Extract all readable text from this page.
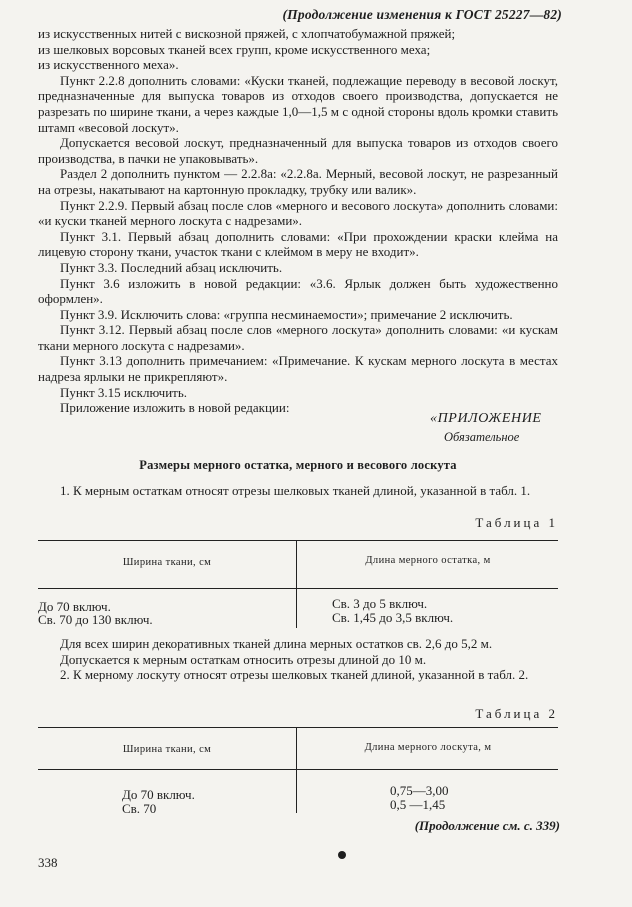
(Продолжение изменения к ГОСТ 25227—82)

из искусственных нитей с вискозной пряжей, с хлопчатобумажной пряжей;

из шелковых ворсовых тканей всех групп, кроме искусственного меха;

из искусственного меха».

Пункт 2.2.8 дополнить словами: «Куски тканей, подлежащие переводу в весовой лоскут, предназначенные для выпуска товаров из отходов своего производства, допускается не разрезать по ширине ткани, а через каждые 1,0—1,5 м с одной стороны вдоль кромки ставить штамп «весовой лоскут».

Допускается весовой лоскут, предназначенный для выпуска товаров из отходов своего производства, в пачки не упаковывать».

Раздел 2 дополнить пунктом — 2.2.8а: «2.2.8а. Мерный, весовой лоскут, не разрезанный на отрезы, накатывают на картонную прокладку, трубку или валик».

Пункт 2.2.9. Первый абзац после слов «мерного и весового лоскута» дополнить словами: «и куски тканей мерного лоскута с надрезами».

Пункт 3.1. Первый абзац дополнить словами: «При прохождении краски клейма на лицевую сторону ткани, участок ткани с клеймом в меру не входит».

Пункт 3.3. Последний абзац исключить.

Пункт 3.6 изложить в новой редакции: «3.6. Ярлык должен быть художественно оформлен».

Пункт 3.9. Исключить слова: «группа несминаемости»; примечание 2 исключить.

Пункт 3.12. Первый абзац после слов «мерного лоскута» дополнить словами: «и кускам ткани мерного лоскута с надрезами».

Пункт 3.13 дополнить примечанием: «Примечание. К кускам мерного лоскута в местах надреза ярлыки не прикрепляют».

Пункт 3.15 исключить.

Приложение изложить в новой редакции:

«ПРИЛОЖЕНИЕ
Обязательное
Размеры мерного остатка, мерного и весового лоскута
1. К мерным остаткам относят отрезы шелковых тканей длиной, указанной в табл. 1.
Таблица 1
Ширина ткани, см	Длина мерного остатка, м
До 70 включ.	Св. 3 до 5 включ.
Св. 70 до 130 включ.	Св. 1,45 до 3,5 включ.
Для всех ширин декоративных тканей длина мерных остатков св. 2,6 до 5,2 м.
Допускается к мерным остаткам относить отрезы длиной до 10 м.
2. К мерному лоскуту относят отрезы шелковых тканей длиной, указанной в табл. 2.
Таблица 2
Ширина ткани, см	Длина мерного лоскута, м
До 70 включ.	0,75—3,00
Св. 70	0,5 —1,45
(Продолжение см. с. 339)
338
